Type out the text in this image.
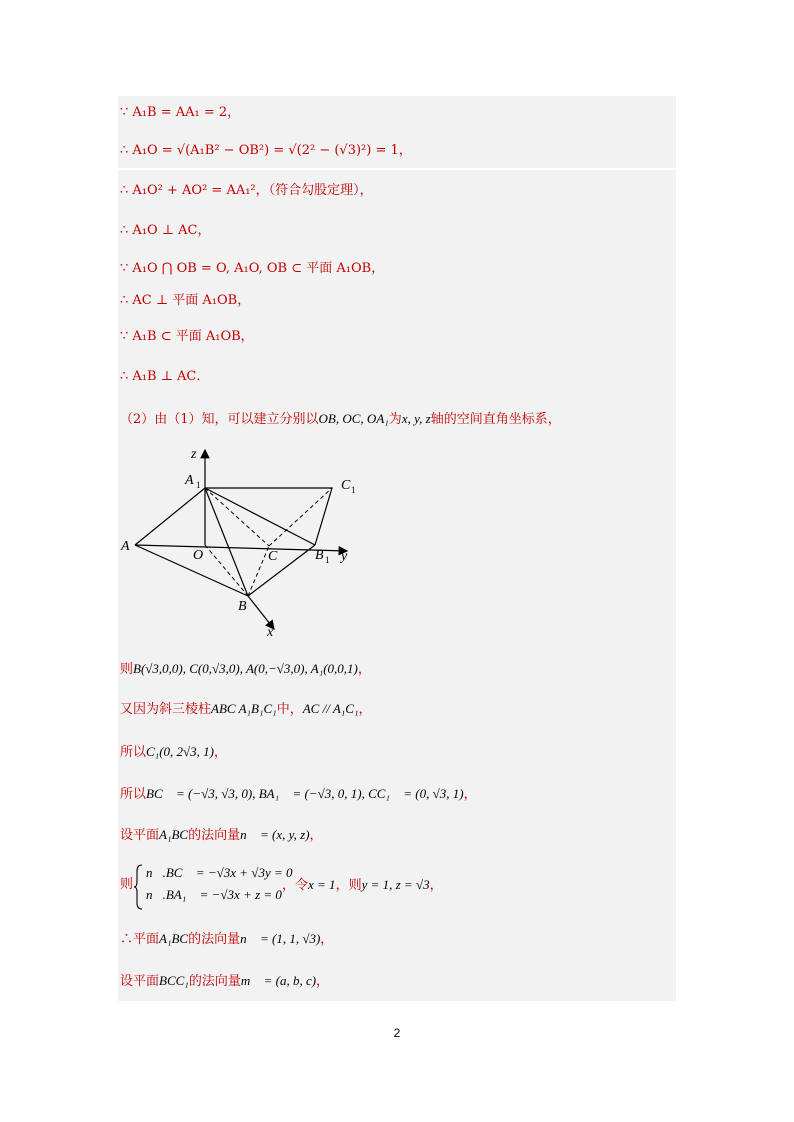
∵ A₁B = AA₁ = 2，
∴ A₁O = √(A₁B² − OB²) = √(2² − (√3)²) = 1，
∴ A₁O² + AO² = AA₁²，（符合勾股定理），
∴ A₁O ⊥ AC，
∵ A₁O ⋂ OB = O, A₁O, OB ⊂ 平面 A₁OB，
∴ AC ⊥ 平面 A₁OB，
∵ A₁B ⊂ 平面 A₁OB，
∴ A₁B ⊥ AC．
（2）由（1）知，可以建立分别以OB, OC, OA₁为x, y, z轴的空间直角坐标系，
z
A 1	C 1
A
O	C	B 1 y
B
x
则B(√3,0,0), C(0,√3,0), A(0,−√3,0), A₁(0,0,1)，
又因为斜三棱柱ABC A₁B₁C₁中，AC // A₁C₁，
所以C₁(0, 2√3, 1)，
所以BC⃗ = (−√3, √3, 0), BA₁⃗ = (−√3, 0, 1), CC₁⃗ = (0, √3, 1)，
设平面A₁BC的法向量n⃗ = (x, y, z)，
则
n⃗.BC⃗ = −√3x + √3y = 0
n⃗.BA₁⃗ = −√3x + z = 0
，令x = 1，则y = 1, z = √3，
∴平面A₁BC的法向量n⃗ = (1, 1, √3)，
设平面BCC₁的法向量m⃗ = (a, b, c)，
2
